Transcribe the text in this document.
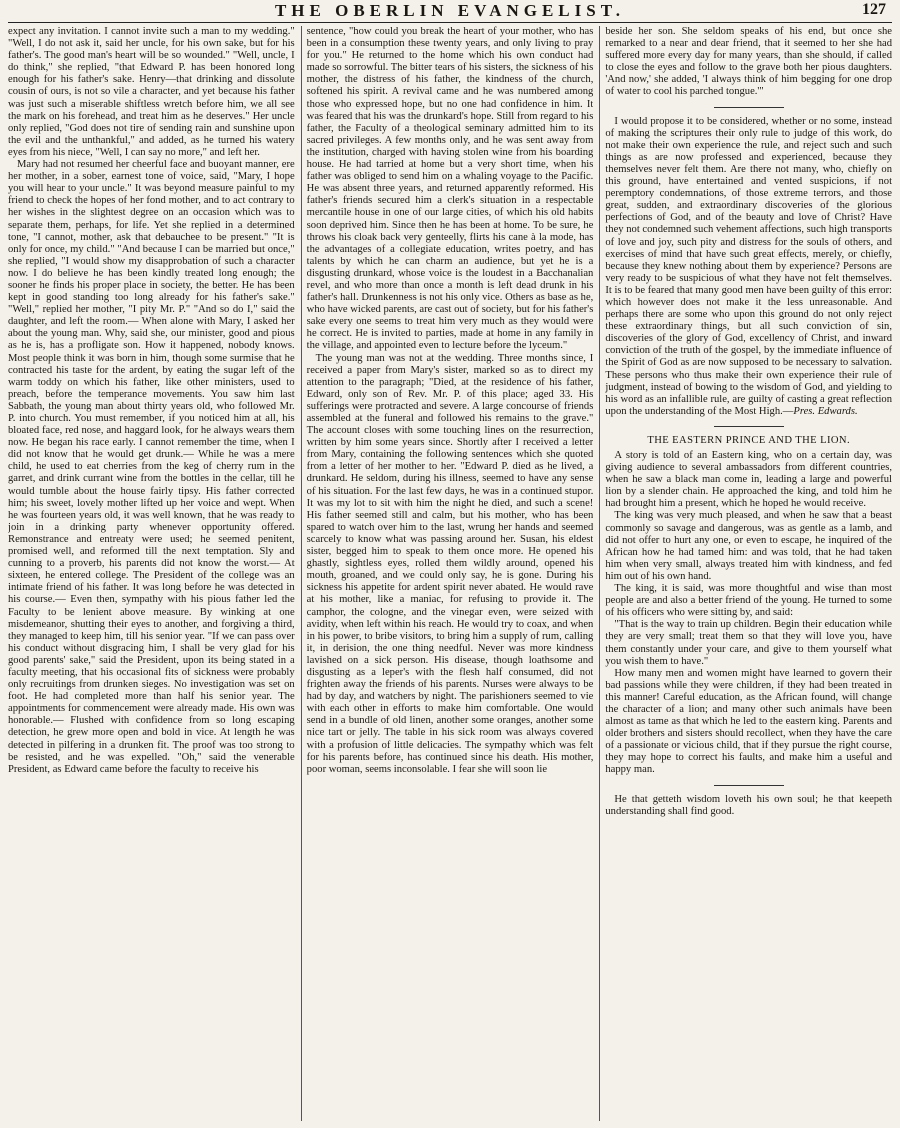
THE OBERLIN EVANGELIST.	127

expect any invitation. I cannot invite such a man to my wedding." "Well, I do not ask it, said her uncle, for his own sake, but for his father's. The good man's heart will be so wounded." "Well, uncle, I do think," she replied, "that Edward P. has been honored long enough for his father's sake. Henry—that drinking and dissolute cousin of ours, is not so vile a character, and yet because his father was just such a miserable shiftless wretch before him, we all see the mark on his forehead, and treat him as he deserves." Her uncle only replied, "God does not tire of sending rain and sunshine upon the evil and the unthankful," and added, as he turned his watery eyes from his niece, "Well, I can say no more," and left her.

Mary had not resumed her cheerful face and buoyant manner, ere her mother, in a sober, earnest tone of voice, said, "Mary, I hope you will hear to your uncle." It was beyond measure painful to my friend to check the hopes of her fond mother, and to act contrary to her wishes in the slightest degree on an occasion which was to separate them, perhaps, for life. Yet she replied in a determined tone, "I cannot, mother, ask that debauchee to be present." "It is only for once, my child." "And because I can be married but once," she replied, "I would show my disapprobation of such a character now. I do believe he has been kindly treated long enough; the sooner he finds his proper place in society, the better. He has been kept in good standing too long already for his father's sake." "Well," replied her mother, "I pity Mr. P." "And so do I," said the daughter, and left the room.— When alone with Mary, I asked her about the young man. Why, said she, our minister, good and pious as he is, has a profligate son. How it happened, nobody knows. Most people think it was born in him, though some surmise that he contracted his taste for the ardent, by eating the sugar left of the warm toddy on which his father, like other ministers, used to preach, before the temperance movements. You saw him last Sabbath, the young man about thirty years old, who followed Mr. P. into church. You must remember, if you noticed him at all, his bloated face, red nose, and haggard look, for he always wears them now. He began his race early. I cannot remember the time, when I did not know that he would get drunk.— While he was a mere child, he used to eat cherries from the keg of cherry rum in the garret, and drink currant wine from the bottles in the cellar, till he would tumble about the house fairly tipsy. His father corrected him; his sweet, lovely mother lifted up her voice and wept. When he was fourteen years old, it was well known, that he was ready to join in a drinking party whenever opportunity offered. Remonstrance and entreaty were used; he seemed penitent, promised well, and reformed till the next temptation. Sly and cunning to a proverb, his parents did not know the worst.— At sixteen, he entered college. The President of the college was an intimate friend of his father. It was long before he was detected in his course.— Even then, sympathy with his pious father led the Faculty to be lenient above measure. By winking at one misdemeanor, shutting their eyes to another, and forgiving a third, they managed to keep him, till his senior year. "If we can pass over his conduct without disgracing him, I shall be very glad for his good parents' sake," said the President, upon its being stated in a faculty meeting, that his occasional fits of sickness were probably only recruitings from drunken sieges. No investigation was set on foot. He had completed more than half his senior year. The appointments for commencement were already made. His own was honorable.— Flushed with confidence from so long escaping detection, he grew more open and bold in vice. At length he was detected in pilfering in a drunken fit. The proof was too strong to be resisted, and he was expelled. "Oh," said the venerable President, as Edward came before the faculty to receive his

sentence, "how could you break the heart of your mother, who has been in a consumption these twenty years, and only living to pray for you." He returned to the home which his own conduct had made so sorrowful. The bitter tears of his sisters, the sickness of his mother, the distress of his father, the kindness of the church, softened his spirit. A revival came and he was numbered among those who expressed hope, but no one had confidence in him. It was feared that his was the drunkard's hope. Still from regard to his father, the Faculty of a theological seminary admitted him to its sacred privileges. A few months only, and he was sent away from the institution, charged with having stolen wine from his boarding house. He had tarried at home but a very short time, when his father was obliged to send him on a whaling voyage to the Pacific. He was absent three years, and returned apparently reformed. His father's friends secured him a clerk's situation in a respectable mercantile house in one of our large cities, of which his old habits soon deprived him. Since then he has been at home. To be sure, he throws his cloak back very genteelly, flirts his cane à la mode, has the advantages of a collegiate education, writes poetry, and has talents by which he can charm an audience, but yet he is a disgusting drunkard, whose voice is the loudest in a Bacchanalian revel, and who more than once a month is left dead drunk in his father's hall. Drunkenness is not his only vice. Others as base as he, who have wicked parents, are cast out of society, but for his father's sake every one seems to treat him very much as they would were he correct. He is invited to parties, made at home in any family in the village, and appointed even to lecture before the lyceum."

The young man was not at the wedding. Three months since, I received a paper from Mary's sister, marked so as to direct my attention to the paragraph; "Died, at the residence of his father, Edward, only son of Rev. Mr. P. of this place; aged 33. His sufferings were protracted and severe. A large concourse of friends assembled at the funeral and followed his remains to the grave." The account closes with some touching lines on the resurrection, written by him some years since. Shortly after I received a letter from Mary, containing the following sentences which she quoted from a letter of her mother to her. "Edward P. died as he lived, a drunkard. He seldom, during his illness, seemed to have any sense of his situation. For the last few days, he was in a continued stupor. It was my lot to sit with him the night he died, and such a scene! His father seemed still and calm, but his mother, who has been spared to watch over him to the last, wrung her hands and seemed scarcely to know what was passing around her. Susan, his eldest sister, begged him to speak to them once more. He opened his ghastly, sightless eyes, rolled them wildly around, opened his mouth, groaned, and we could only say, he is gone. During his sickness his appetite for ardent spirit never abated. He would rave at his mother, like a maniac, for refusing to provide it. The camphor, the cologne, and the vinegar even, were seized with avidity, when left within his reach. He would try to coax, and when in his power, to bribe visitors, to bring him a supply of rum, calling it, in derision, the one thing needful. Never was more kindness lavished on a sick person. His disease, though loathsome and disgusting as a leper's with the flesh half consumed, did not frighten away the friends of his parents. Nurses were always to be had by day, and watchers by night. The parishioners seemed to vie with each other in efforts to make him comfortable. One would send in a bundle of old linen, another some oranges, another some nice tart or jelly. The table in his sick room was always covered with a profusion of little delicacies. The sympathy which was felt for his parents before, has continued since his death. His mother, poor woman, seems inconsolable. I fear she will soon lie

beside her son. She seldom speaks of his end, but once she remarked to a near and dear friend, that it seemed to her she had suffered more every day for many years, than she should, if called to close the eyes and follow to the grave both her pious daughters. 'And now,' she added, 'I always think of him begging for one drop of water to cool his parched tongue.'"

I would propose it to be considered, whether or no some, instead of making the scriptures their only rule to judge of this work, do not make their own experience the rule, and reject such and such things as are now professed and experienced, because they themselves never felt them. Are there not many, who, chiefly on this ground, have entertained and vented suspicions, if not peremptory condemnations, of those extreme terrors, and those great, sudden, and extraordinary discoveries of the glorious perfections of God, and of the beauty and love of Christ? Have they not condemned such vehement affections, such high transports of love and joy, such pity and distress for the souls of others, and exercises of mind that have such great effects, merely, or chiefly, because they knew nothing about them by experience? Persons are very ready to be suspicious of what they have not felt themselves. It is to be feared that many good men have been guilty of this error: which however does not make it the less unreasonable. And perhaps there are some who upon this ground do not only reject these extraordinary things, but all such conviction of sin, discoveries of the glory of God, excellency of Christ, and inward conviction of the truth of the gospel, by the immediate influence of the Spirit of God as are now supposed to be necessary to salvation. These persons who thus make their own experience their rule of judgment, instead of bowing to the wisdom of God, and yielding to his word as an infallible rule, are guilty of casting a great reflection upon the understanding of the Most High.—Pres. Edwards.

THE EASTERN PRINCE AND THE LION.

A story is told of an Eastern king, who on a certain day, was giving audience to several ambassadors from different countries, when he saw a black man come in, leading a large and powerful lion by a slender chain. He approached the king, and told him he had brought him a present, which he hoped he would receive.

The king was very much pleased, and when he saw that a beast commonly so savage and dangerous, was as gentle as a lamb, and did not offer to hurt any one, or even to escape, he inquired of the African how he had tamed him: and was told, that he had taken him when very small, always treated him with kindness, and fed him out of his own hand.

The king, it is said, was more thoughtful and wise than most people are and also a better friend of the young. He turned to some of his officers who were sitting by, and said:

"That is the way to train up children. Begin their education while they are very small; treat them so that they will love you, have them constantly under your care, and give to them yourself what you wish them to have."

How many men and women might have learned to govern their bad passions while they were children, if they had been treated in this manner! Careful education, as the African found, will change the character of a lion; and many other such animals have been almost as tame as that which he led to the eastern king. Parents and older brothers and sisters should recollect, when they have the care of a passionate or vicious child, that if they pursue the right course, they may hope to correct his faults, and make him a useful and happy man.

He that getteth wisdom loveth his own soul; he that keepeth understanding shall find good.
